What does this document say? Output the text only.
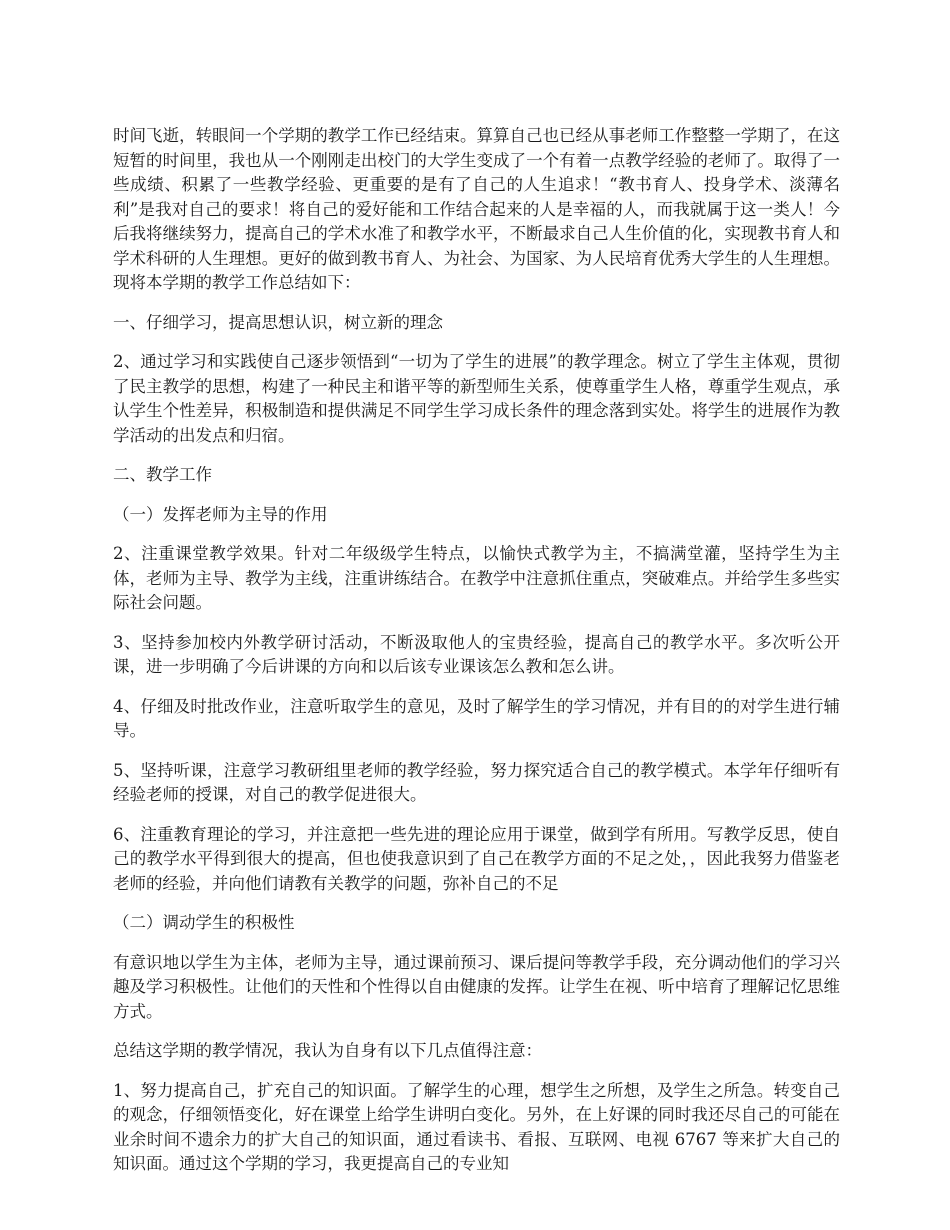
时间飞逝，转眼间一个学期的教学工作已经结束。算算自己也已经从事老师工作整整一学期了，在这短暂的时间里，我也从一个刚刚走出校门的大学生变成了一个有着一点教学经验的老师了。取得了一些成绩、积累了一些教学经验、更重要的是有了自己的人生追求！“教书育人、投身学术、淡薄名利”是我对自己的要求！将自己的爱好能和工作结合起来的人是幸福的人，而我就属于这一类人！今后我将继续努力，提高自己的学术水准了和教学水平，不断最求自己人生价值的化，实现教书育人和学术科研的人生理想。更好的做到教书育人、为社会、为国家、为人民培育优秀大学生的人生理想。现将本学期的教学工作总结如下：

一、仔细学习，提高思想认识，树立新的理念

2、通过学习和实践使自己逐步领悟到“一切为了学生的进展”的教学理念。树立了学生主体观，贯彻了民主教学的思想，构建了一种民主和谐平等的新型师生关系，使尊重学生人格，尊重学生观点，承认学生个性差异，积极制造和提供满足不同学生学习成长条件的理念落到实处。将学生的进展作为教学活动的出发点和归宿。

二、教学工作

（一）发挥老师为主导的作用

2、注重课堂教学效果。针对二年级级学生特点，以愉快式教学为主，不搞满堂灌，坚持学生为主体，老师为主导、教学为主线，注重讲练结合。在教学中注意抓住重点，突破难点。并给学生多些实际社会问题。

3、坚持参加校内外教学研讨活动，不断汲取他人的宝贵经验，提高自己的教学水平。多次听公开课，进一步明确了今后讲课的方向和以后该专业课该怎么教和怎么讲。

4、仔细及时批改作业，注意听取学生的意见，及时了解学生的学习情况，并有目的的对学生进行辅导。

5、坚持听课，注意学习教研组里老师的教学经验，努力探究适合自己的教学模式。本学年仔细听有经验老师的授课，对自己的教学促进很大。

6、注重教育理论的学习，并注意把一些先进的理论应用于课堂，做到学有所用。写教学反思，使自己的教学水平得到很大的提高，但也使我意识到了自己在教学方面的不足之处，，因此我努力借鉴老老师的经验，并向他们请教有关教学的问题，弥补自己的不足

（二）调动学生的积极性

有意识地以学生为主体，老师为主导，通过课前预习、课后提问等教学手段，充分调动他们的学习兴趣及学习积极性。让他们的天性和个性得以自由健康的发挥。让学生在视、听中培育了理解记忆思维方式。

总结这学期的教学情况，我认为自身有以下几点值得注意：

1、努力提高自己，扩充自己的知识面。了解学生的心理，想学生之所想，及学生之所急。转变自己的观念，仔细领悟变化，好在课堂上给学生讲明白变化。另外，在上好课的同时我还尽自己的可能在业余时间不遗余力的扩大自己的知识面，通过看读书、看报、互联网、电视 6767 等来扩大自己的知识面。通过这个学期的学习，我更提高自己的专业知
